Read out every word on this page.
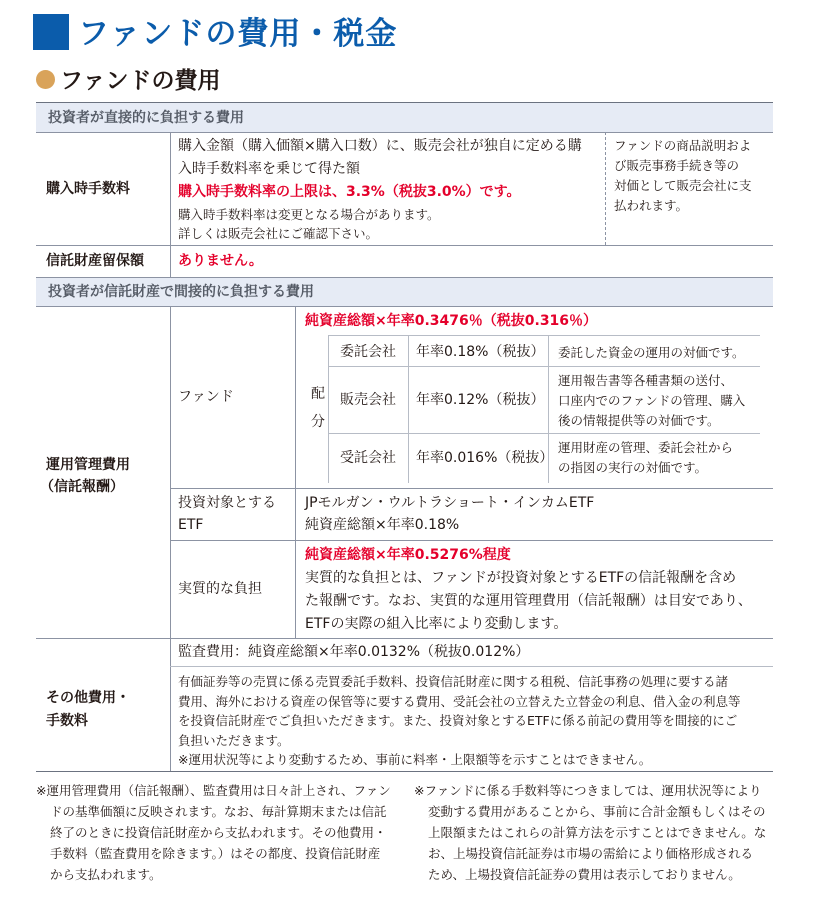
ファンドの費用・税金
ファンドの費用
投資者が直接的に負担する費用
購入時手数料
購入金額（購入価額×購入口数）に、販売会社が独自に定める購
入時手数料率を乗じて得た額
購入時手数料率の上限は、3.3%（税抜3.0%）です。
購入時手数料率は変更となる場合があります。
詳しくは販売会社にご確認下さい。
ファンドの商品説明およ
び販売事務手続き等の
対価として販売会社に支
払われます。
信託財産留保額 ありません。
投資者が信託財産で間接的に負担する費用
運用管理費用
（信託報酬）
ファンド
純資産総額×年率0.3476％（税抜0.316％）
配
分
委託会社 年率0.18%（税抜） 委託した資金の運用の対価です。
販売会社 年率0.12%（税抜）
運用報告書等各種書類の送付、
口座内でのファンドの管理、購入
後の情報提供等の対価です。
受託会社 年率0.016%（税抜）
運用財産の管理、委託会社から
の指図の実行の対価です。
投資対象とする
ETF
JPモルガン・ウルトラショート・インカムETF
純資産総額×年率0.18%
実質的な負担
純資産総額×年率0.5276%程度
実質的な負担とは、ファンドが投資対象とするETFの信託報酬を含め
た報酬です。なお、実質的な運用管理費用（信託報酬）は目安であり、
ETFの実際の組入比率により変動します。
その他費用・
手数料
監査費用：純資産総額×年率0.0132%（税抜0.012%）
有価証券等の売買に係る売買委託手数料、投資信託財産に関する租税、信託事務の処理に要する諸
費用、海外における資産の保管等に要する費用、受託会社の立替えた立替金の利息、借入金の利息等
を投資信託財産でご負担いただきます。また、投資対象とするETFに係る前記の費用等を間接的にご
負担いただきます。
※運用状況等により変動するため、事前に料率・上限額等を示すことはできません。
※運用管理費用（信託報酬）、監査費用は日々計上され、ファン
ドの基準価額に反映されます。なお、毎計算期末または信託
終了のときに投資信託財産から支払われます。その他費用・
手数料（監査費用を除きます。）はその都度、投資信託財産
から支払われます。
※ファンドに係る手数料等につきましては、運用状況等により
変動する費用があることから、事前に合計金額もしくはその
上限額またはこれらの計算方法を示すことはできません。な
お、上場投資信託証券は市場の需給により価格形成される
ため、上場投資信託証券の費用は表示しておりません。
